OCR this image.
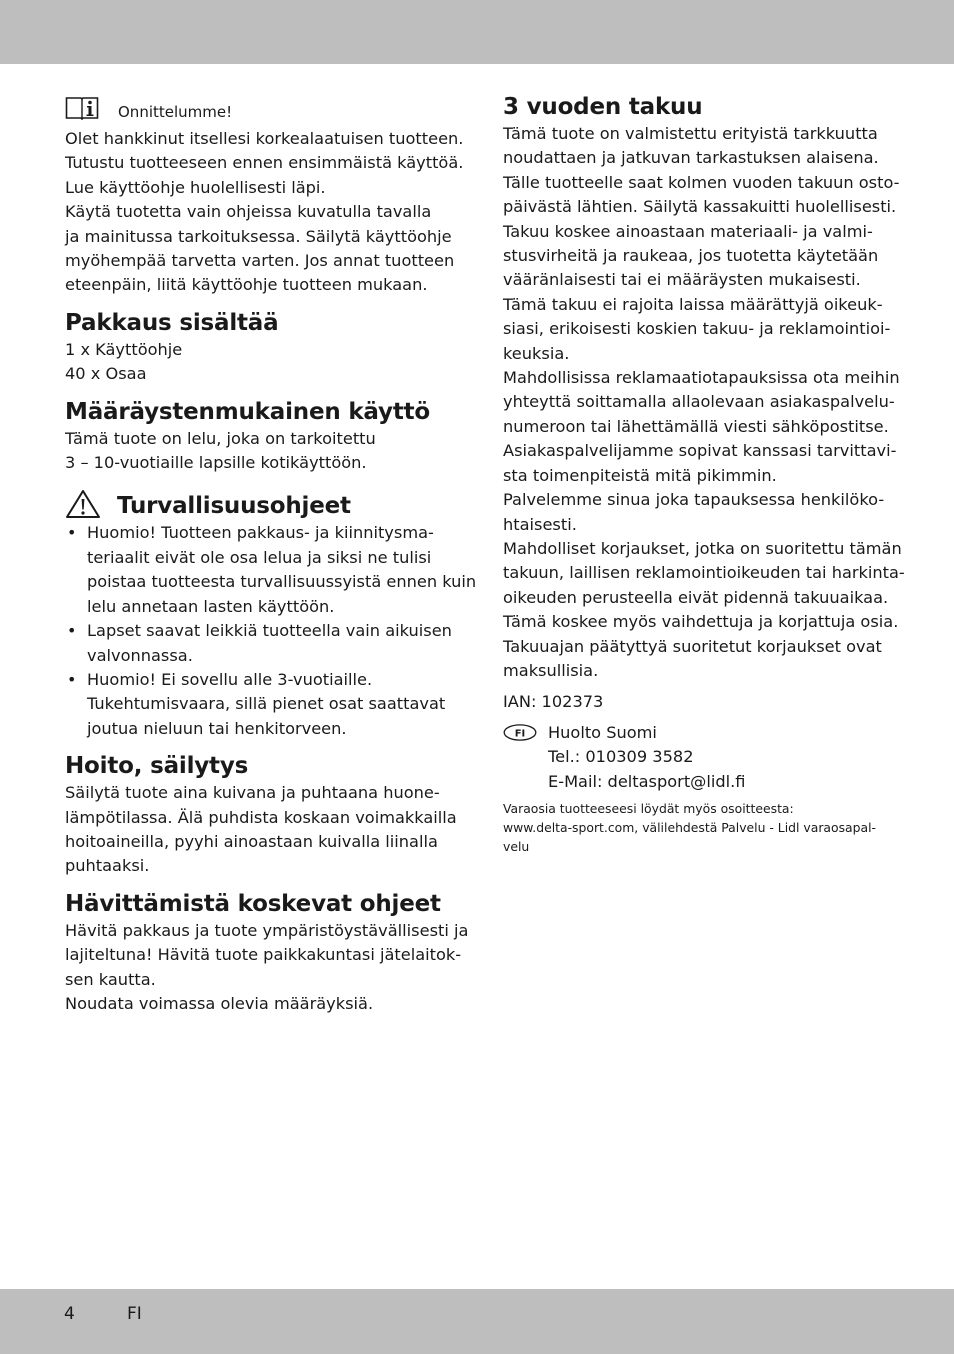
Onnittelumme!
Olet hankkinut itsellesi korkealaatuisen tuotteen.
Tutustu tuotteeseen ennen ensimmäistä käyttöä.
Lue käyttöohje huolellisesti läpi.
Käytä tuotetta vain ohjeissa kuvatulla tavalla
ja mainitussa tarkoituksessa. Säilytä käyttöohje
myöhempää tarvetta varten. Jos annat tuotteen
eteenpäin, liitä käyttöohje tuotteen mukaan.
Pakkaus sisältää
1 x Käyttöohje
40 x Osaa
Määräystenmukainen käyttö
Tämä tuote on lelu, joka on tarkoitettu
3 – 10-vuotiaille lapsille kotikäyttöön.
Turvallisuusohjeet
• Huomio! Tuotteen pakkaus- ja kiinnitysma-
teriaalit eivät ole osa lelua ja siksi ne tulisi
poistaa tuotteesta turvallisuussyistä ennen kuin
lelu annetaan lasten käyttöön.
• Lapset saavat leikkiä tuotteella vain aikuisen
valvonnassa.
• Huomio! Ei sovellu alle 3-vuotiaille.
Tukehtumisvaara, sillä pienet osat saattavat
joutua nieluun tai henkitorveen.
Hoito, säilytys
Säilytä tuote aina kuivana ja puhtaana huone-
lämpötilassa. Älä puhdista koskaan voimakkailla
hoitoaineilla, pyyhi ainoastaan kuivalla liinalla
puhtaaksi.
Hävittämistä koskevat ohjeet
Hävitä pakkaus ja tuote ympäristöystävällisesti ja
lajiteltuna! Hävitä tuote paikkakuntasi jätelaitok-
sen kautta.
Noudata voimassa olevia määräyksiä.
3 vuoden takuu
Tämä tuote on valmistettu erityistä tarkkuutta
noudattaen ja jatkuvan tarkastuksen alaisena.
Tälle tuotteelle saat kolmen vuoden takuun osto-
päivästä lähtien. Säilytä kassakuitti huolellisesti.
Takuu koskee ainoastaan materiaali- ja valmi-
stusvirheitä ja raukeaa, jos tuotetta käytetään
vääränlaisesti tai ei määräysten mukaisesti.
Tämä takuu ei rajoita laissa määrättyjä oikeuk-
siasi, erikoisesti koskien takuu- ja reklamointioi-
keuksia.
Mahdollisissa reklamaatiotapauksissa ota meihin
yhteyttä soittamalla allaolevaan asiakaspalvelu-
numeroon tai lähettämällä viesti sähköpostitse.
Asiakaspalvelijamme sopivat kanssasi tarvittavi-
sta toimenpiteistä mitä pikimmin.
Palvelemme sinua joka tapauksessa henkilöko-
htaisesti.
Mahdolliset korjaukset, jotka on suoritettu tämän
takuun, laillisen reklamointioikeuden tai harkinta-
oikeuden perusteella eivät pidennä takuuaikaa.
Tämä koskee myös vaihdettuja ja korjattuja osia.
Takuuajan päätyttyä suoritetut korjaukset ovat
maksullisia.
IAN: 102373
FI Huolto Suomi
Tel.: 010309 3582
E-Mail: deltasport@lidl.fi
Varaosia tuotteeseesi löydät myös osoitteesta:
www.delta-sport.com, välilehdestä Palvelu - Lidl varaosapal-
velu
4	FI
